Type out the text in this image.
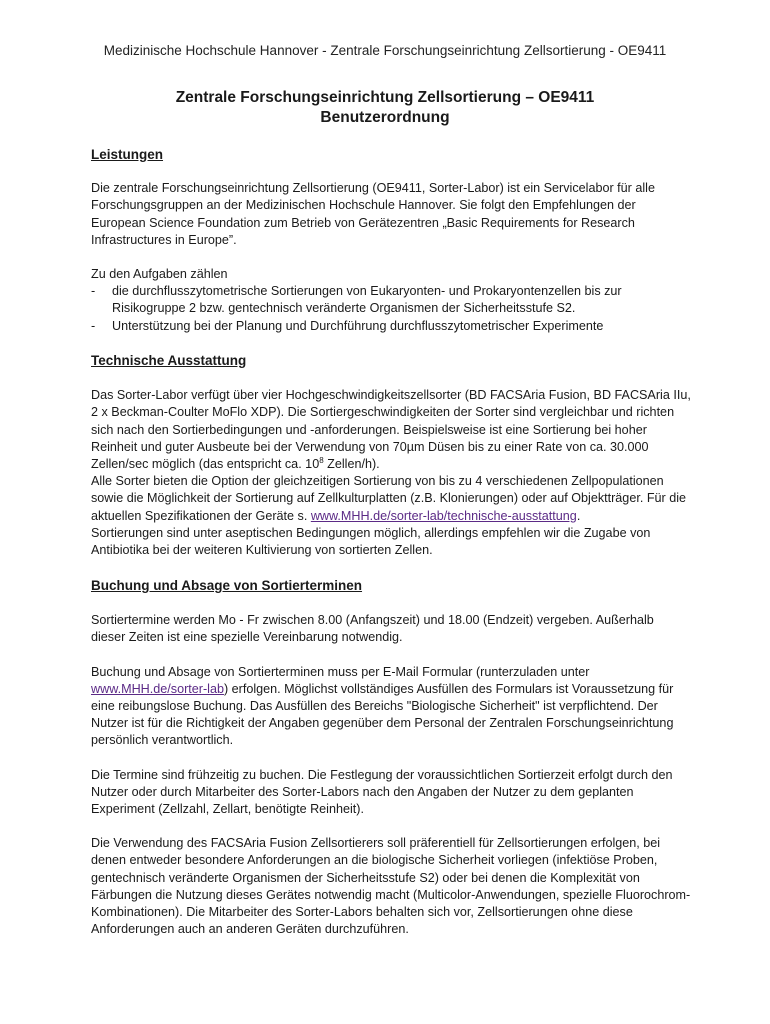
Medizinische Hochschule Hannover - Zentrale Forschungseinrichtung Zellsortierung - OE9411
Zentrale Forschungseinrichtung Zellsortierung – OE9411
Benutzerordnung
Leistungen

Die zentrale Forschungseinrichtung Zellsortierung (OE9411, Sorter-Labor) ist ein Servicelabor für alle Forschungsgruppen an der Medizinischen Hochschule Hannover. Sie folgt den Empfehlungen der European Science Foundation zum Betrieb von Gerätezentren „Basic Requirements for Research Infrastructures in Europe”.

Zu den Aufgaben zählen

- die durchflusszytometrische Sortierungen von Eukaryonten- und Prokaryontenzellen bis zur Risikogruppe 2 bzw. gentechnisch veränderte Organismen der Sicherheitsstufe S2.
- Unterstützung bei der Planung und Durchführung durchflusszytometrischer Experimente
Technische Ausstattung

Das Sorter-Labor verfügt über vier Hochgeschwindigkeitszellsorter (BD FACSAria Fusion, BD FACSAria IIu, 2 x Beckman-Coulter MoFlo XDP). Die Sortiergeschwindigkeiten der Sorter sind vergleichbar und richten sich nach den Sortierbedingungen und -anforderungen. Beispielsweise ist eine Sortierung bei hoher Reinheit und guter Ausbeute bei der Verwendung von 70µm Düsen bis zu einer Rate von ca. 30.000 Zellen/sec möglich (das entspricht ca. $10^8$ Zellen/h).

Alle Sorter bieten die Option der gleichzeitigen Sortierung von bis zu 4 verschiedenen Zellpopulationen sowie die Möglichkeit der Sortierung auf Zellkulturplatten (z.B. Klonierungen) oder auf Objektträger. Für die aktuellen Spezifikationen der Geräte s. www.MHH.de/sorter-lab/technische-ausstattung.

Sortierungen sind unter aseptischen Bedingungen möglich, allerdings empfehlen wir die Zugabe von Antibiotika bei der weiteren Kultivierung von sortierten Zellen.

Buchung und Absage von Sortierterminen

Sortiertermine werden Mo - Fr zwischen 8.00 (Anfangszeit) und 18.00 (Endzeit) vergeben. Außerhalb dieser Zeiten ist eine spezielle Vereinbarung notwendig.

Buchung und Absage von Sortierterminen muss per E-Mail Formular (runterzuladen unter www.MHH.de/sorter-lab) erfolgen. Möglichst vollständiges Ausfüllen des Formulars ist Voraussetzung für eine reibungslose Buchung. Das Ausfüllen des Bereichs "Biologische Sicherheit" ist verpflichtend. Der Nutzer ist für die Richtigkeit der Angaben gegenüber dem Personal der Zentralen Forschungseinrichtung persönlich verantwortlich.

Die Termine sind frühzeitig zu buchen. Die Festlegung der voraussichtlichen Sortierzeit erfolgt durch den Nutzer oder durch Mitarbeiter des Sorter-Labors nach den Angaben der Nutzer zu dem geplanten Experiment (Zellzahl, Zellart, benötigte Reinheit).

Die Verwendung des FACSAria Fusion Zellsortierers soll präferentiell für Zellsortierungen erfolgen, bei denen entweder besondere Anforderungen an die biologische Sicherheit vorliegen (infektiöse Proben, gentechnisch veränderte Organismen der Sicherheitsstufe S2) oder bei denen die Komplexität von Färbungen die Nutzung dieses Gerätes notwendig macht (Multicolor-Anwendungen, spezielle Fluorochrom-Kombinationen). Die Mitarbeiter des Sorter-Labors behalten sich vor, Zellsortierungen ohne diese Anforderungen auch an anderen Geräten durchzuführen.
